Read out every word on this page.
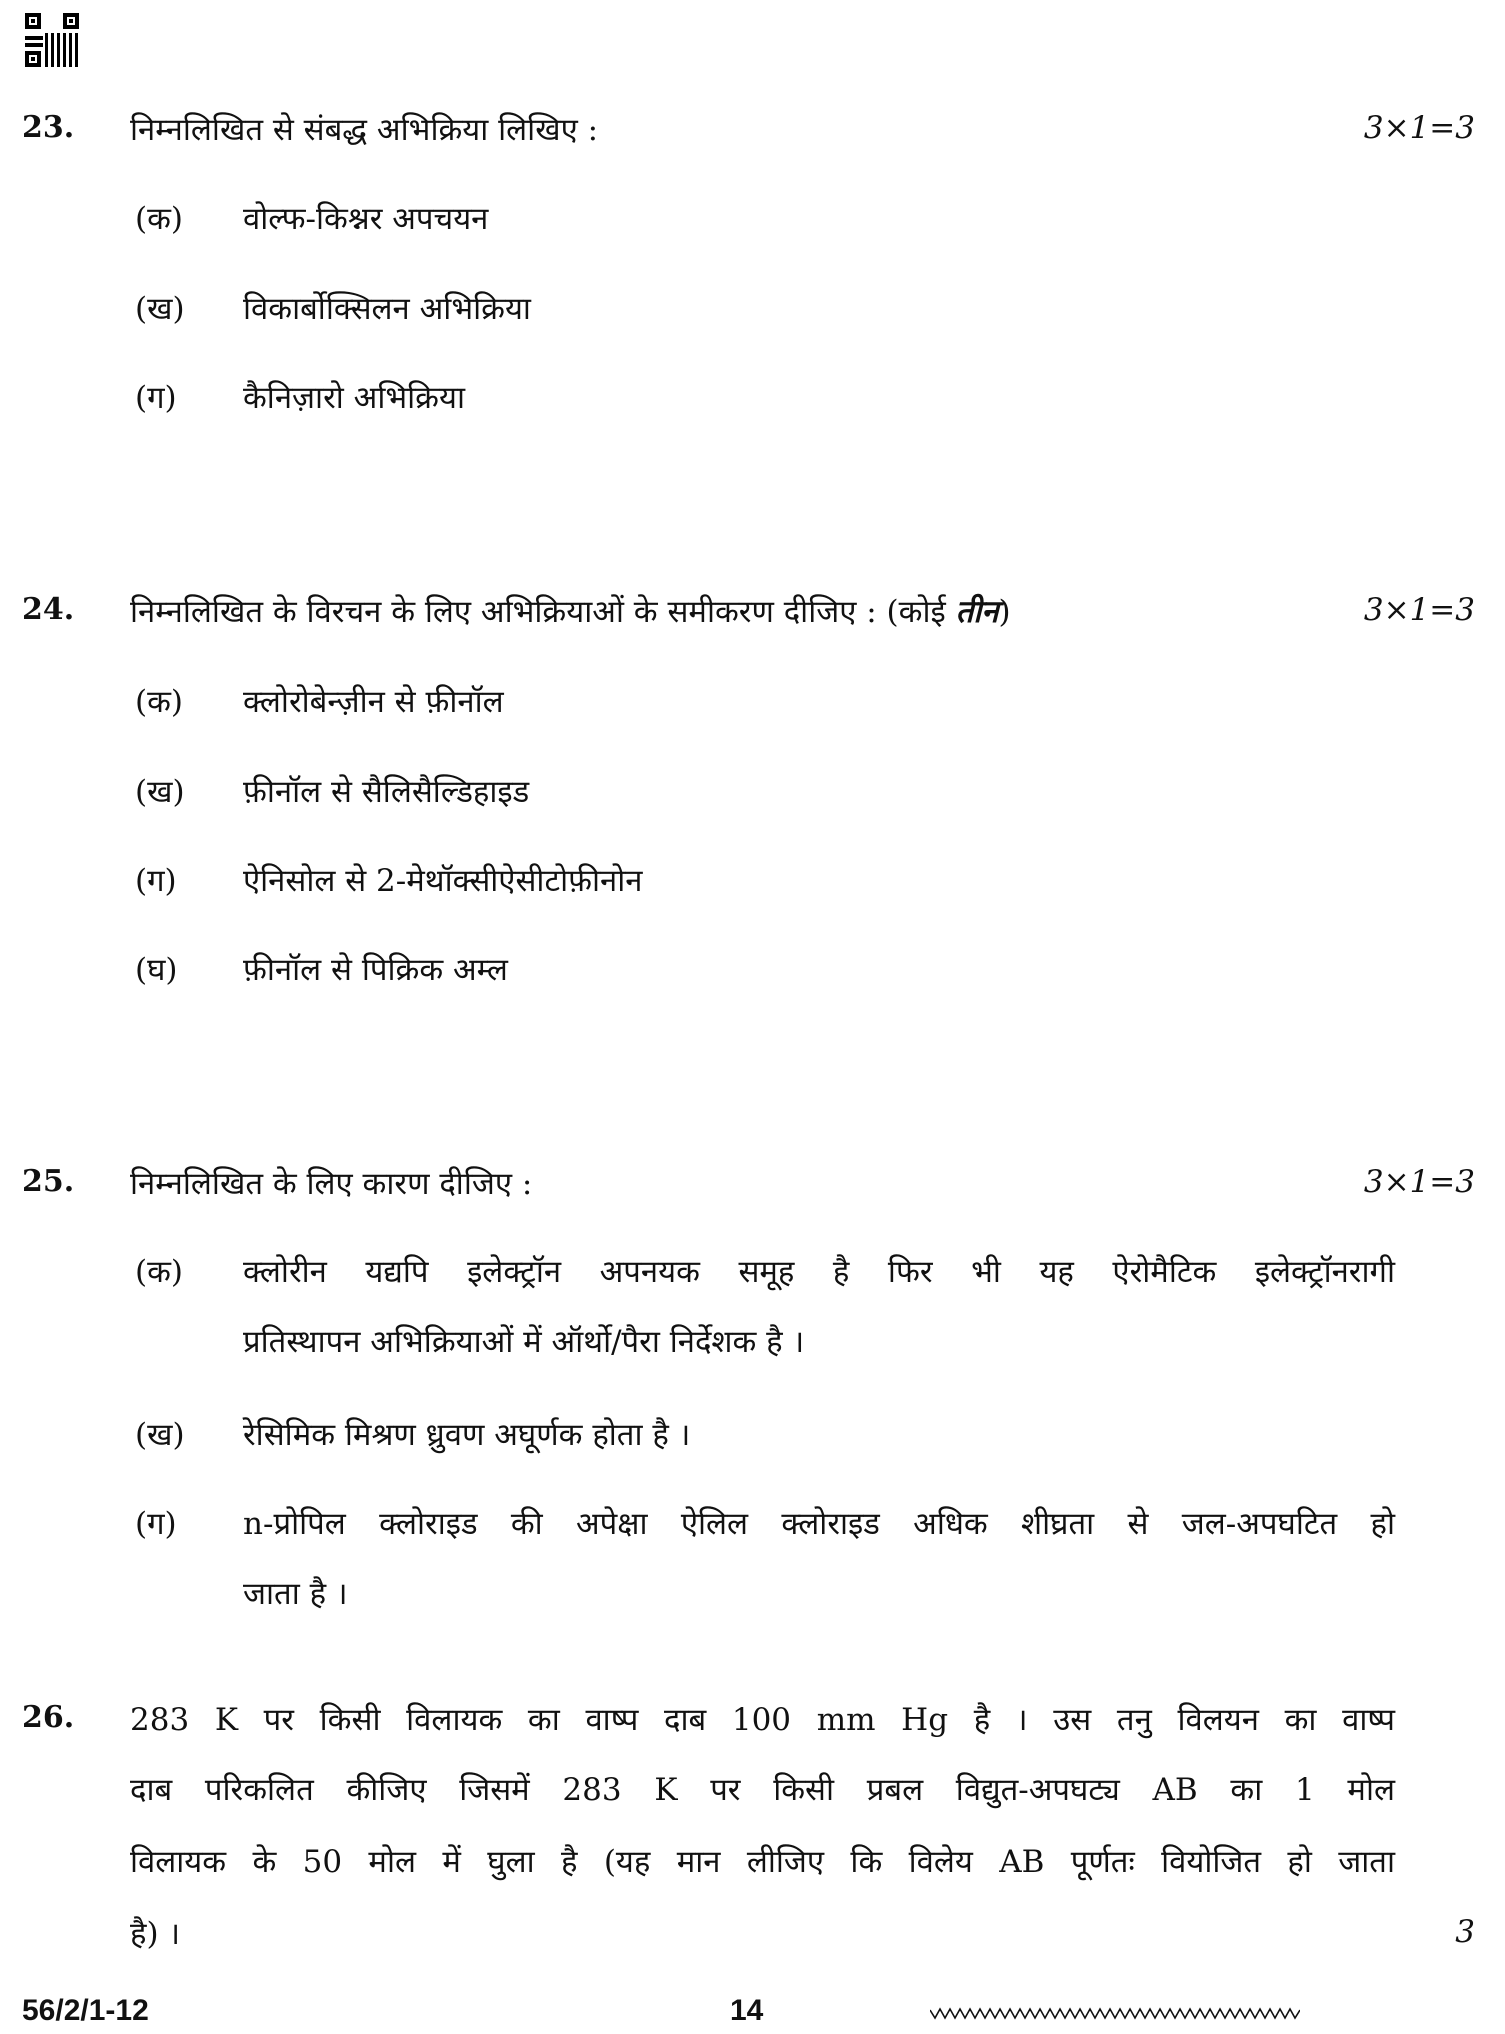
23. निम्नलिखित से संबद्ध अभिक्रिया लिखिए :	3×1=3
(क) वोल्फ-किश्नर अपचयन
(ख) विकार्बोक्सिलन अभिक्रिया
(ग) कैनिज़ारो अभिक्रिया
24. निम्नलिखित के विरचन के लिए अभिक्रियाओं के समीकरण दीजिए : (कोई तीन)	3×1=3
(क) क्लोरोबेन्ज़ीन से फ़ीनॉल
(ख) फ़ीनॉल से सैलिसैल्डिहाइड
(ग) ऐनिसोल से 2-मेथॉक्सीऐसीटोफ़ीनोन
(घ) फ़ीनॉल से पिक्रिक अम्ल
25. निम्नलिखित के लिए कारण दीजिए :	3×1=3
(क) क्लोरीन यद्यपि इलेक्ट्रॉन अपनयक समूह है फिर भी यह ऐरोमैटिक इलेक्ट्रॉनरागी
प्रतिस्थापन अभिक्रियाओं में ऑर्थो/पैरा निर्देशक है ।
(ख) रेसिमिक मिश्रण ध्रुवण अघूर्णक होता है ।
(ग) n-प्रोपिल क्लोराइड की अपेक्षा ऐलिल क्लोराइड अधिक शीघ्रता से जल-अपघटित हो
जाता है ।
26. 283 K पर किसी विलायक का वाष्प दाब 100 mm Hg है । उस तनु विलयन का वाष्प
दाब परिकलित कीजिए जिसमें 283 K पर किसी प्रबल विद्युत-अपघट्य AB का 1 मोल
विलायक के 50 मोल में घुला है (यह मान लीजिए कि विलेय AB पूर्णतः वियोजित हो जाता
है) ।	3
56/2/1-12	14
